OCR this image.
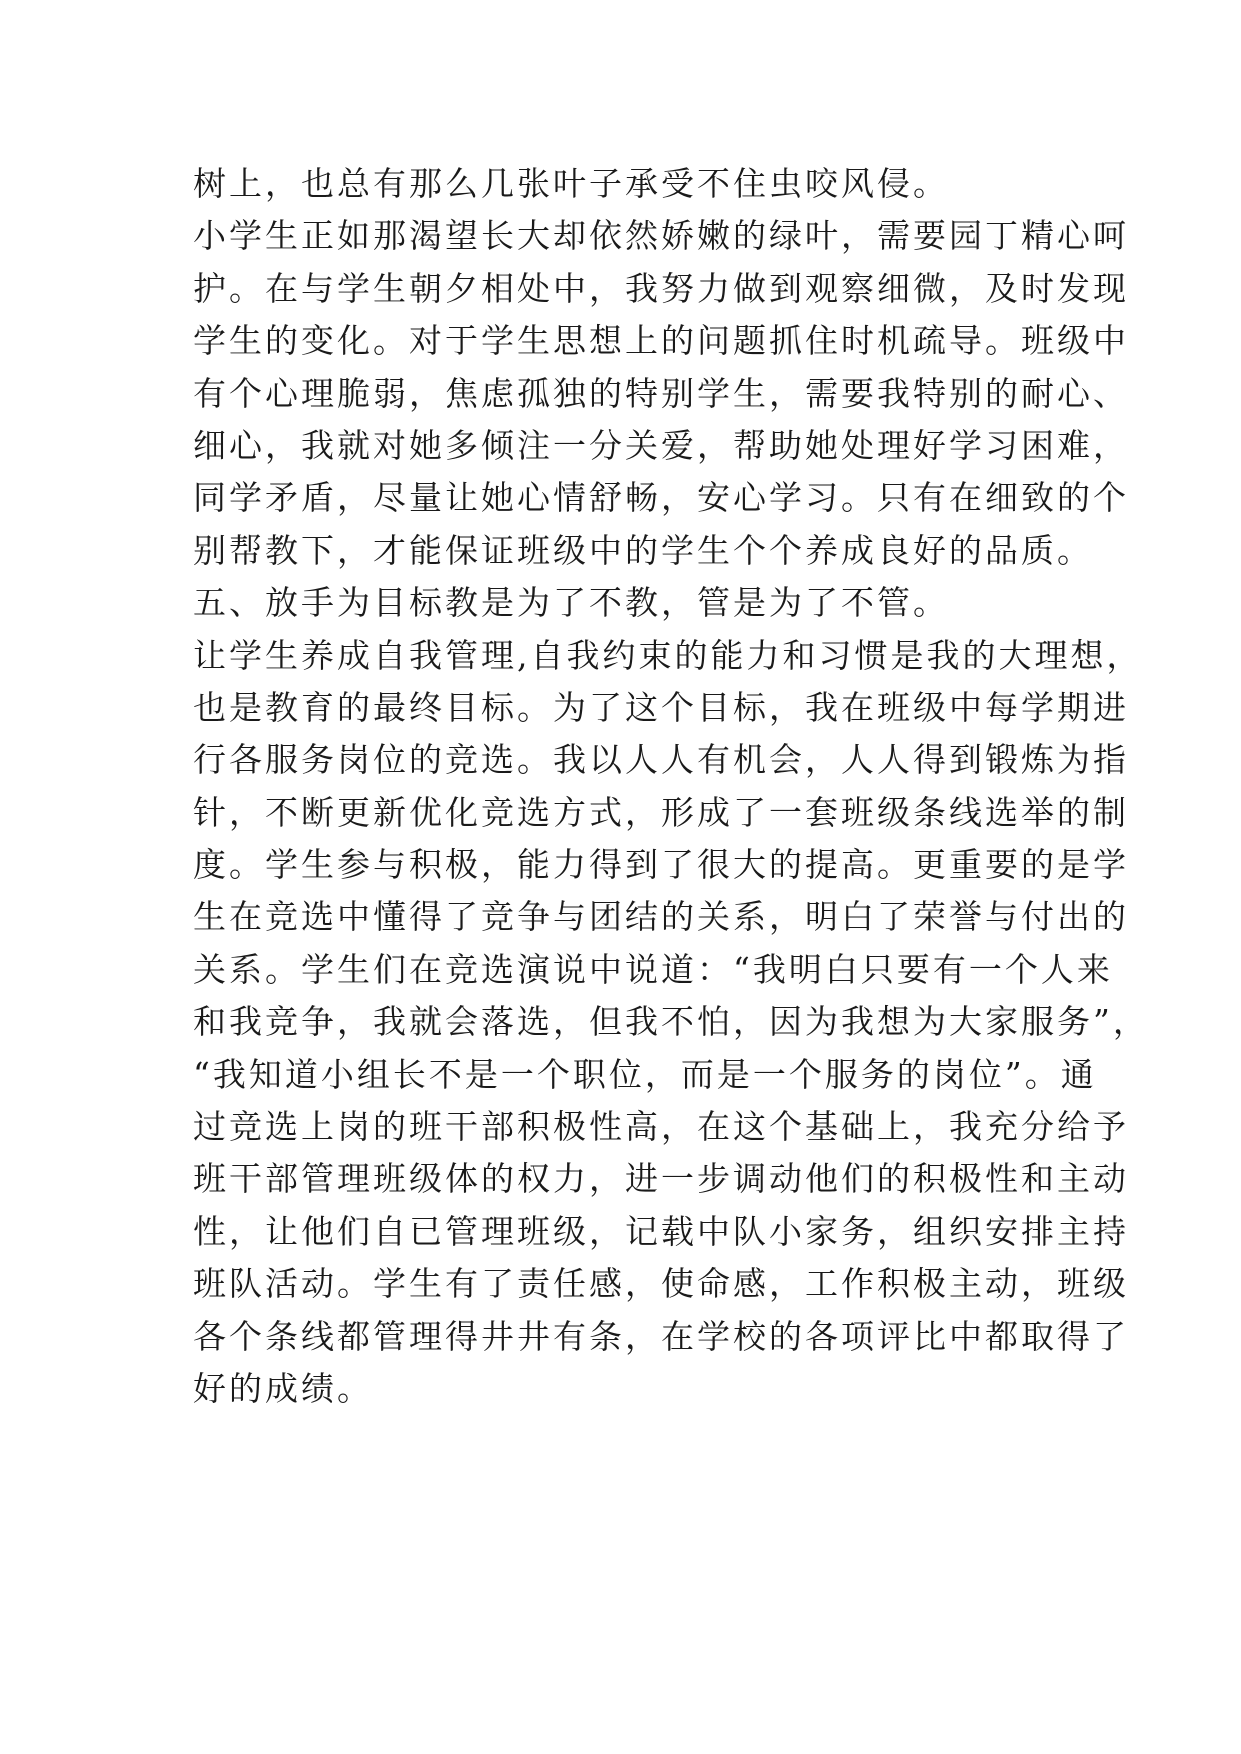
树上，也总有那么几张叶子承受不住虫咬风侵。
小学生正如那渴望长大却依然娇嫩的绿叶，需要园丁精心呵
护。在与学生朝夕相处中，我努力做到观察细微，及时发现
学生的变化。对于学生思想上的问题抓住时机疏导。班级中
有个心理脆弱，焦虑孤独的特别学生，需要我特别的耐心、
细心，我就对她多倾注一分关爱，帮助她处理好学习困难，
同学矛盾，尽量让她心情舒畅，安心学习。只有在细致的个
别帮教下，才能保证班级中的学生个个养成良好的品质。
五、放手为目标教是为了不教，管是为了不管。
让学生养成自我管理,自我约束的能力和习惯是我的大理想，
也是教育的最终目标。为了这个目标，我在班级中每学期进
行各服务岗位的竞选。我以人人有机会，人人得到锻炼为指
针，不断更新优化竞选方式，形成了一套班级条线选举的制
度。学生参与积极，能力得到了很大的提高。更重要的是学
生在竞选中懂得了竞争与团结的关系，明白了荣誉与付出的
关系。学生们在竞选演说中说道：“我明白只要有一个人来
和我竞争，我就会落选，但我不怕，因为我想为大家服务”，
“我知道小组长不是一个职位，而是一个服务的岗位”。通
过竞选上岗的班干部积极性高，在这个基础上，我充分给予
班干部管理班级体的权力，进一步调动他们的积极性和主动
性，让他们自已管理班级，记载中队小家务，组织安排主持
班队活动。学生有了责任感，使命感，工作积极主动，班级
各个条线都管理得井井有条，在学校的各项评比中都取得了
好的成绩。
